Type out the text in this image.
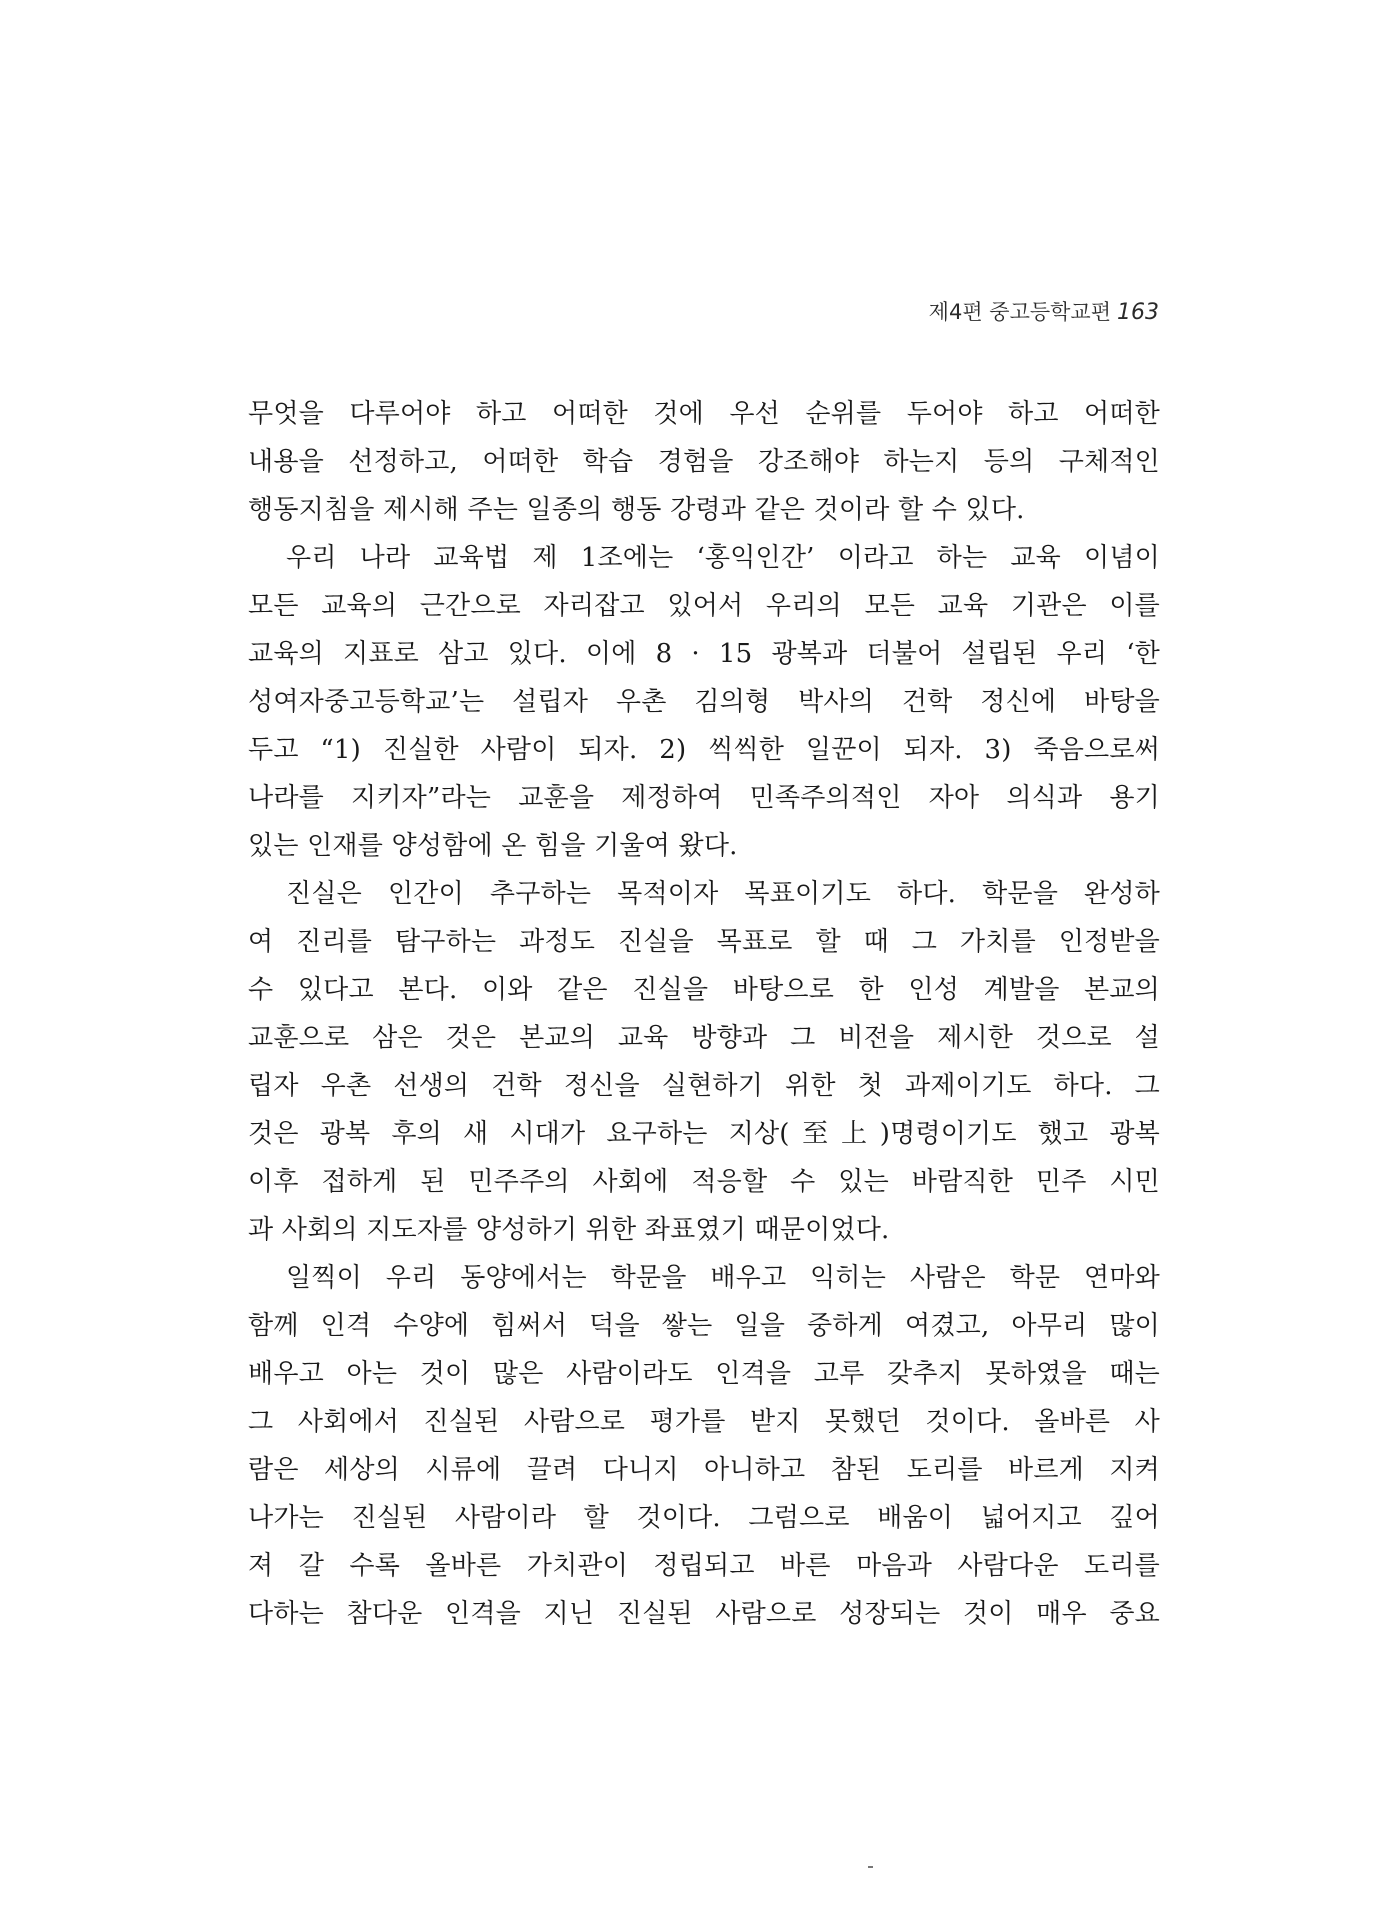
제4편 중고등학교편 163
무엇을 다루어야 하고 어떠한 것에 우선 순위를 두어야 하고 어떠한
내용을 선정하고, 어떠한 학습 경험을 강조해야 하는지 등의 구체적인
행동지침을 제시해 주는 일종의 행동 강령과 같은 것이라 할 수 있다.
우리 나라 교육법 제 1조에는 ‘홍익인간’ 이라고 하는 교육 이념이
모든 교육의 근간으로 자리잡고 있어서 우리의 모든 교육 기관은 이를
교육의 지표로 삼고 있다. 이에 8 · 15 광복과 더불어 설립된 우리 ‘한
성여자중고등학교’는 설립자 우촌 김의형 박사의 건학 정신에 바탕을
두고 “1) 진실한 사람이 되자. 2) 씩씩한 일꾼이 되자. 3) 죽음으로써
나라를 지키자”라는 교훈을 제정하여 민족주의적인 자아 의식과 용기
있는 인재를 양성함에 온 힘을 기울여 왔다.
진실은 인간이 추구하는 목적이자 목표이기도 하다. 학문을 완성하
여 진리를 탐구하는 과정도 진실을 목표로 할 때 그 가치를 인정받을
수 있다고 본다. 이와 같은 진실을 바탕으로 한 인성 계발을 본교의
교훈으로 삼은 것은 본교의 교육 방향과 그 비전을 제시한 것으로 설
립자 우촌 선생의 건학 정신을 실현하기 위한 첫 과제이기도 하다. 그
것은 광복 후의 새 시대가 요구하는 지상(至上)명령이기도 했고 광복
이후 접하게 된 민주주의 사회에 적응할 수 있는 바람직한 민주 시민
과 사회의 지도자를 양성하기 위한 좌표였기 때문이었다.
일찍이 우리 동양에서는 학문을 배우고 익히는 사람은 학문 연마와
함께 인격 수양에 힘써서 덕을 쌓는 일을 중하게 여겼고, 아무리 많이
배우고 아는 것이 많은 사람이라도 인격을 고루 갖추지 못하였을 때는
그 사회에서 진실된 사람으로 평가를 받지 못했던 것이다. 올바른 사
람은 세상의 시류에 끌려 다니지 아니하고 참된 도리를 바르게 지켜
나가는 진실된 사람이라 할 것이다. 그럼으로 배움이 넓어지고 깊어
져 갈 수록 올바른 가치관이 정립되고 바른 마음과 사람다운 도리를
다하는 참다운 인격을 지닌 진실된 사람으로 성장되는 것이 매우 중요
